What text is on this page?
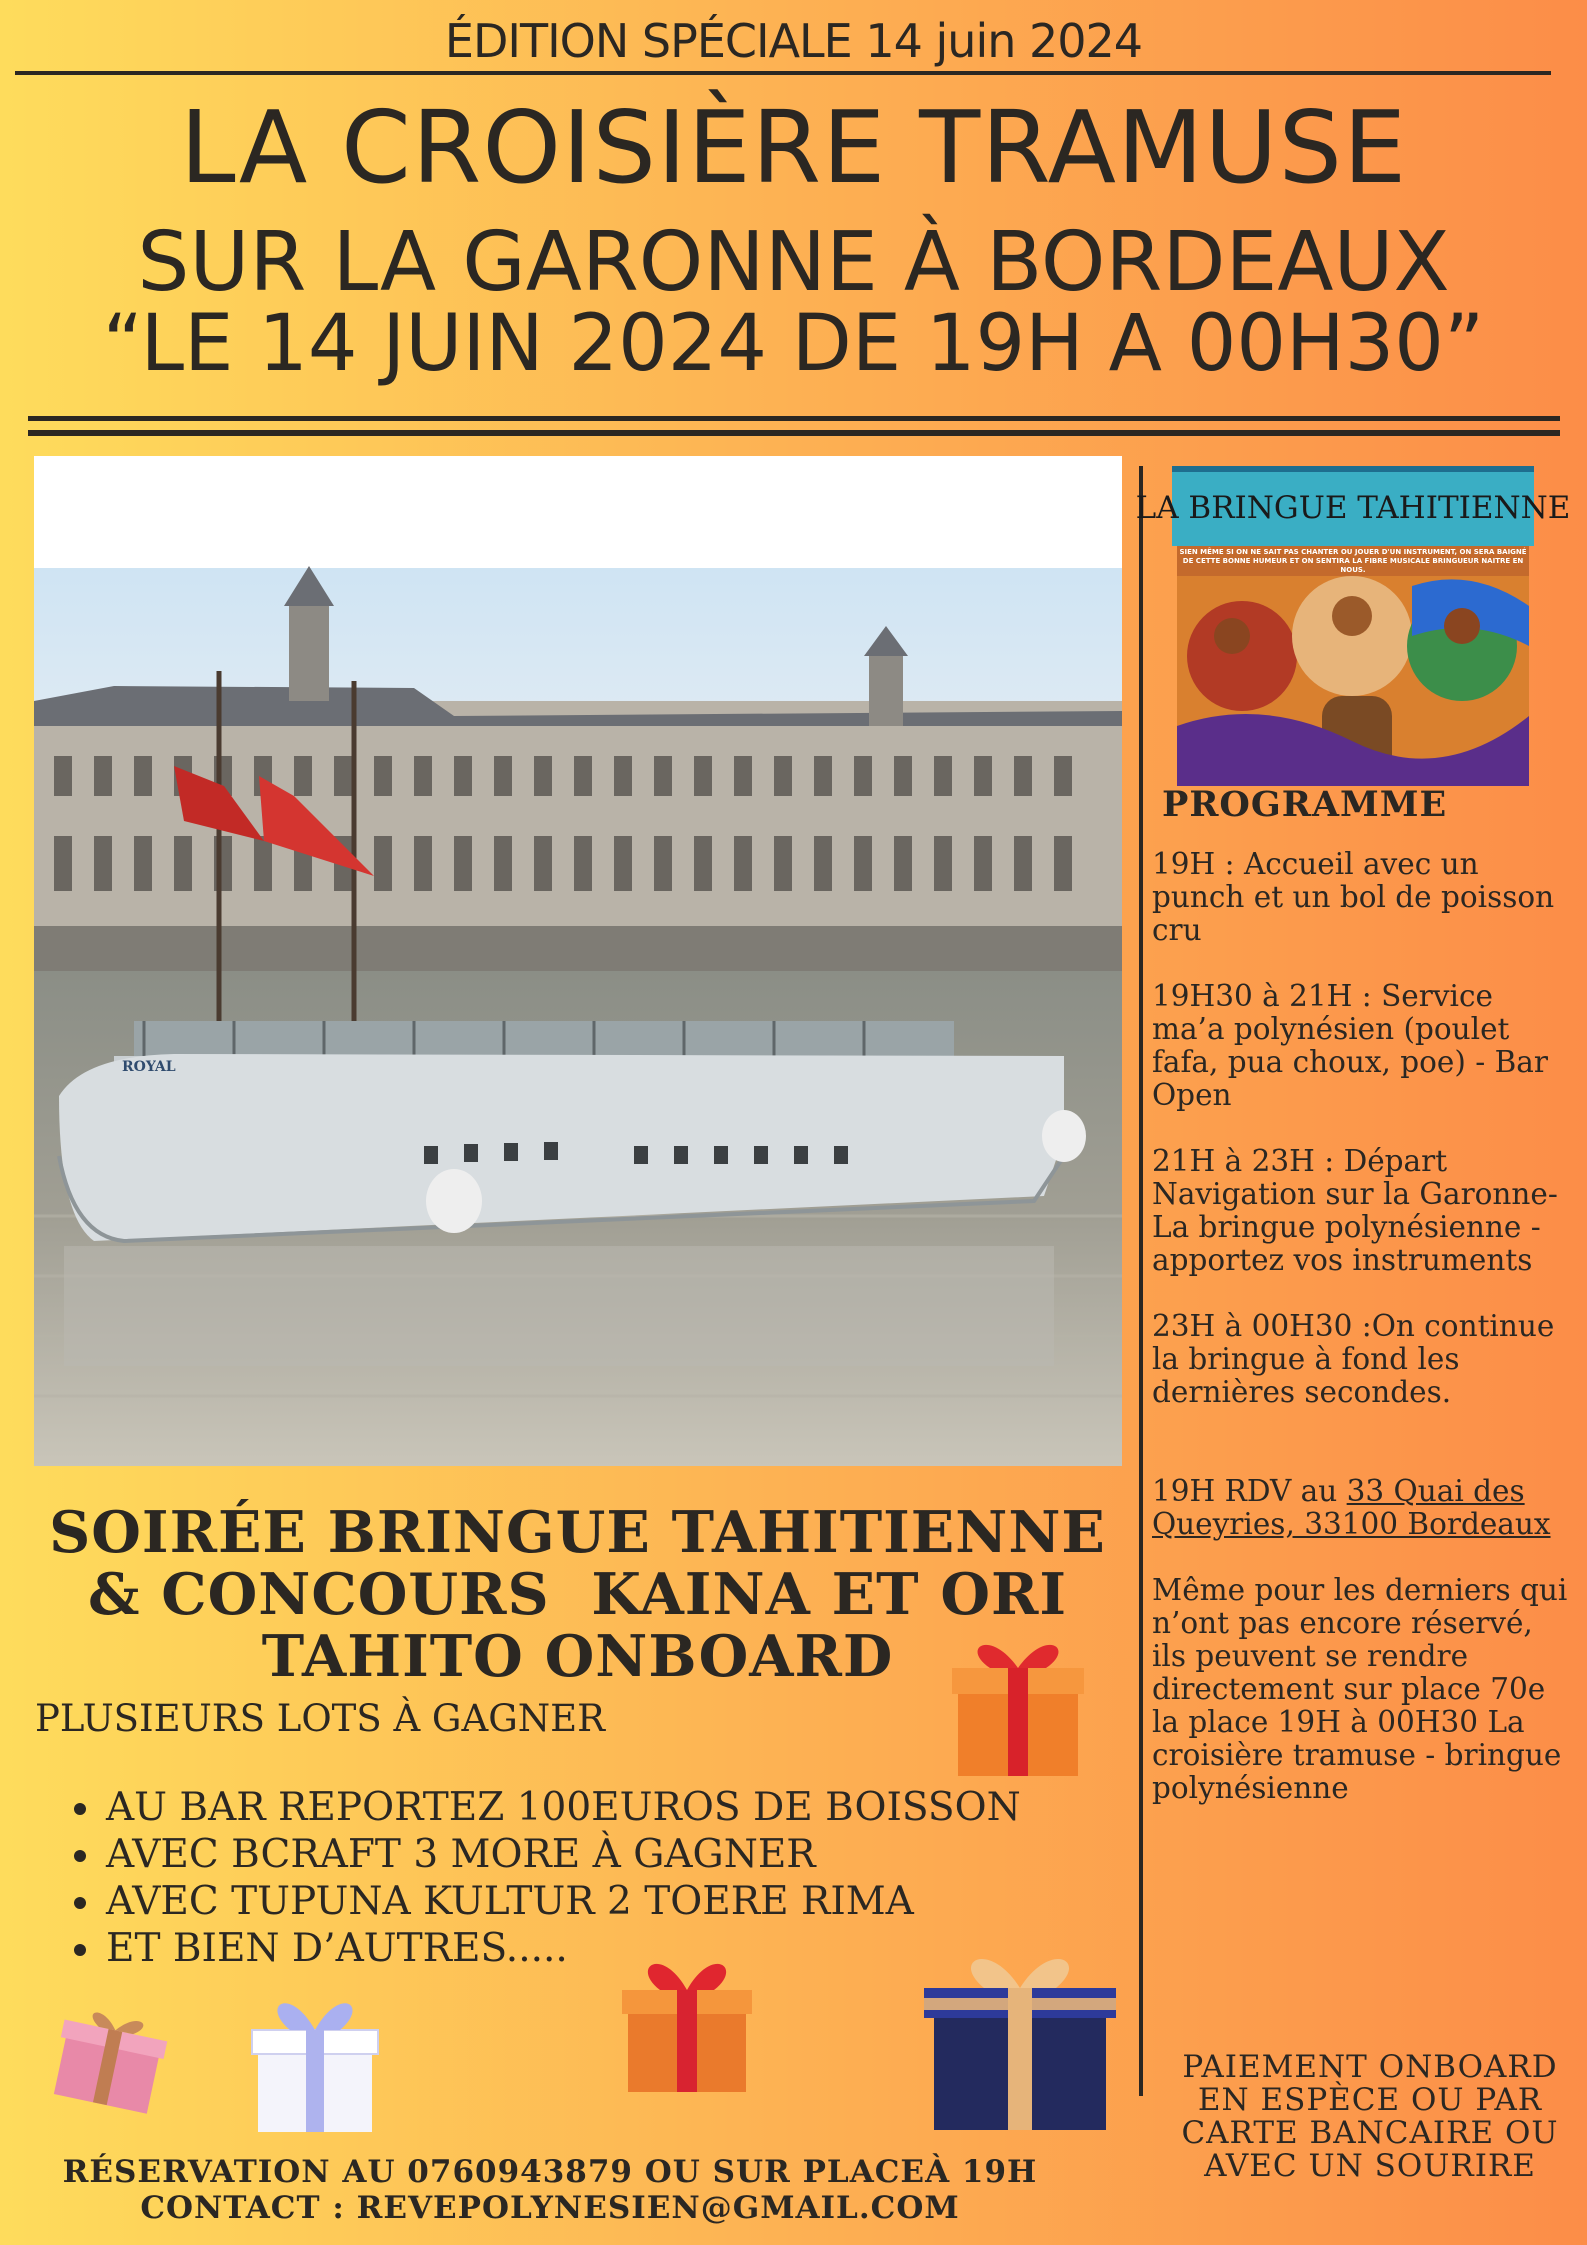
ÉDITION SPÉCIALE 14 juin 2024
LA CROISIÈRE TRAMUSE
SUR LA GARONNE À BORDEAUX
“LE 14 JUIN 2024 DE 19H A 00H30”
ROYAL
SOIRÉE BRINGUE TAHITIENNE
& CONCOURS  KAINA ET ORI
TAHITO ONBOARD
PLUSIEURS LOTS À GAGNER
• AU BAR REPORTEZ 100EUROS DE BOISSON
• AVEC BCRAFT 3 MORE À GAGNER
• AVEC TUPUNA KULTUR 2 TOERE RIMA
• ET BIEN D’AUTRES.....
RÉSERVATION AU 0760943879 OU SUR PLACEÀ 19H
CONTACT : REVEPOLYNESIEN@GMAIL.COM
LA BRINGUE TAHITIENNE
SIEN MÊME SI ON NE SAIT PAS CHANTER OU JOUER D'UN INSTRUMENT, ON SERA BAIGNÉ DE CETTE BONNE HUMEUR ET ON SENTIRA LA FIBRE MUSICALE BRINGUEUR NAITRE EN NOUS.
PROGRAMME

19H : Accueil avec un punch et un bol de poisson cru

19H30 à 21H : Service ma’a polynésien (poulet fafa, pua choux, poe) - Bar Open

21H à 23H : Départ Navigation sur la Garonne- La bringue polynésienne - apportez vos instruments

23H à 00H30 :On continue la bringue à fond les dernières secondes.

19H RDV au 33 Quai des Queyries, 33100 Bordeaux

Même pour les derniers qui n’ont pas encore réservé, ils peuvent se rendre directement sur place 70e la place 19H à 00H30 La croisière tramuse - bringue polynésienne

PAIEMENT ONBOARD EN ESPÈCE OU PAR CARTE BANCAIRE OU AVEC UN SOURIRE
